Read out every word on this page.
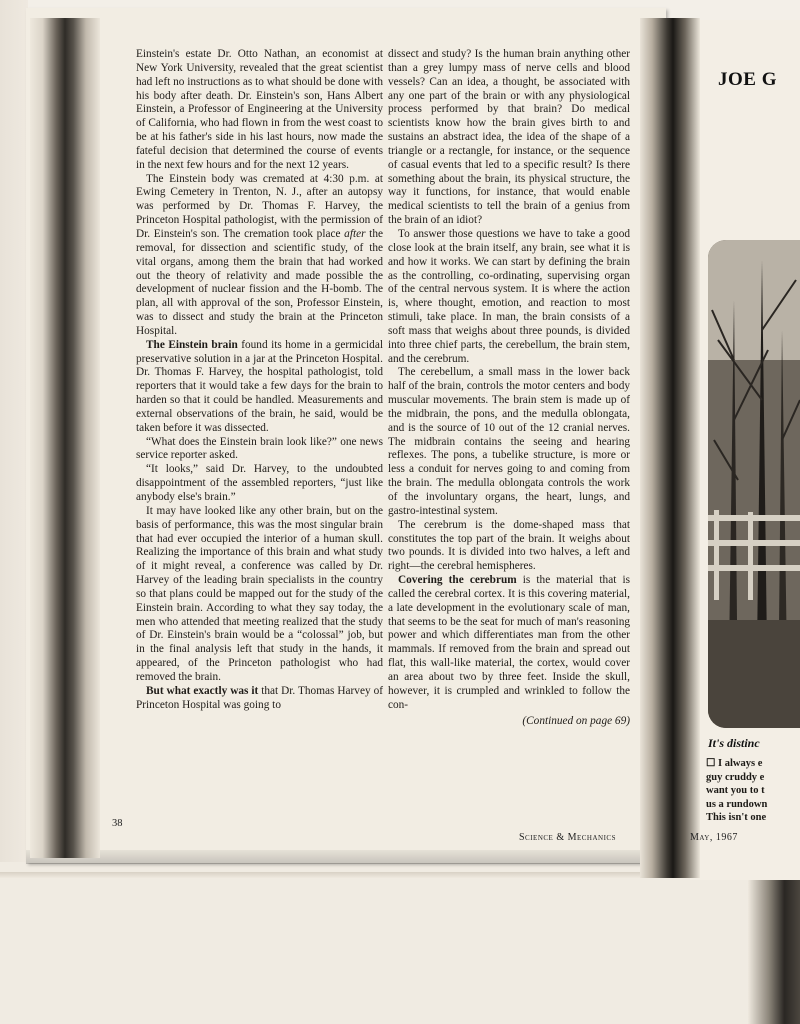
Einstein's estate Dr. Otto Nathan, an economist at New York University, revealed that the great scientist had left no instructions as to what should be done with his body after death. Dr. Einstein's son, Hans Albert Einstein, a Professor of Engineering at the University of California, who had flown in from the west coast to be at his father's side in his last hours, now made the fateful decision that determined the course of events in the next few hours and for the next 12 years.

The Einstein body was cremated at 4:30 p.m. at Ewing Cemetery in Trenton, N. J., after an autopsy was performed by Dr. Thomas F. Harvey, the Princeton Hospital pathologist, with the permission of Dr. Einstein's son. The cremation took place after the removal, for dissection and scientific study, of the vital organs, among them the brain that had worked out the theory of relativity and made possible the development of nuclear fission and the H-bomb. The plan, all with approval of the son, Professor Einstein, was to dissect and study the brain at the Princeton Hospital.

The Einstein brain found its home in a germicidal preservative solution in a jar at the Princeton Hospital. Dr. Thomas F. Harvey, the hospital pathologist, told reporters that it would take a few days for the brain to harden so that it could be handled. Measurements and external observations of the brain, he said, would be taken before it was dissected.

“What does the Einstein brain look like?” one news service reporter asked.

“It looks,” said Dr. Harvey, to the undoubted disappointment of the assembled reporters, “just like anybody else's brain.”

It may have looked like any other brain, but on the basis of performance, this was the most singular brain that had ever occupied the interior of a human skull. Realizing the importance of this brain and what study of it might reveal, a conference was called by Dr. Harvey of the leading brain specialists in the country so that plans could be mapped out for the study of the Einstein brain. According to what they say today, the men who attended that meeting realized that the study of Dr. Einstein's brain would be a “colossal” job, but in the final analysis left that study in the hands, it appeared, of the Princeton pathologist who had removed the brain.

But what exactly was it that Dr. Thomas Harvey of Princeton Hospital was going to

dissect and study? Is the human brain anything other than a grey lumpy mass of nerve cells and blood vessels? Can an idea, a thought, be associated with any one part of the brain or with any physiological process performed by that brain? Do medical scientists know how the brain gives birth to and sustains an abstract idea, the idea of the shape of a triangle or a rectangle, for instance, or the sequence of casual events that led to a specific result? Is there something about the brain, its physical structure, the way it functions, for instance, that would enable medical scientists to tell the brain of a genius from the brain of an idiot?

To answer those questions we have to take a good close look at the brain itself, any brain, see what it is and how it works. We can start by defining the brain as the controlling, co-ordinating, supervising organ of the central nervous system. It is where the action is, where thought, emotion, and reaction to most stimuli, take place. In man, the brain consists of a soft mass that weighs about three pounds, is divided into three chief parts, the cerebellum, the brain stem, and the cerebrum.

The cerebellum, a small mass in the lower back half of the brain, controls the motor centers and body muscular movements. The brain stem is made up of the midbrain, the pons, and the medulla oblongata, and is the source of 10 out of the 12 cranial nerves. The midbrain contains the seeing and hearing reflexes. The pons, a tubelike structure, is more or less a conduit for nerves going to and coming from the brain. The medulla oblongata controls the work of the involuntary organs, the heart, lungs, and gastro-intestinal system.

The cerebrum is the dome-shaped mass that constitutes the top part of the brain. It weighs about two pounds. It is divided into two halves, a left and right—the cerebral hemispheres.

Covering the cerebrum is the material that is called the cerebral cortex. It is this covering material, a late development in the evolutionary scale of man, that seems to be the seat for much of man's reasoning power and which differentiates man from the other mammals. If removed from the brain and spread out flat, this wall-like material, the cortex, would cover an area about two by three feet. Inside the skull, however, it is crumpled and wrinkled to follow the con-

(Continued on page 69)
38
Science & Mechanics
JOE G
It's distinc
☐ I always e
guy cruddy e
want you to t
us a rundown
This isn't one
May, 1967
